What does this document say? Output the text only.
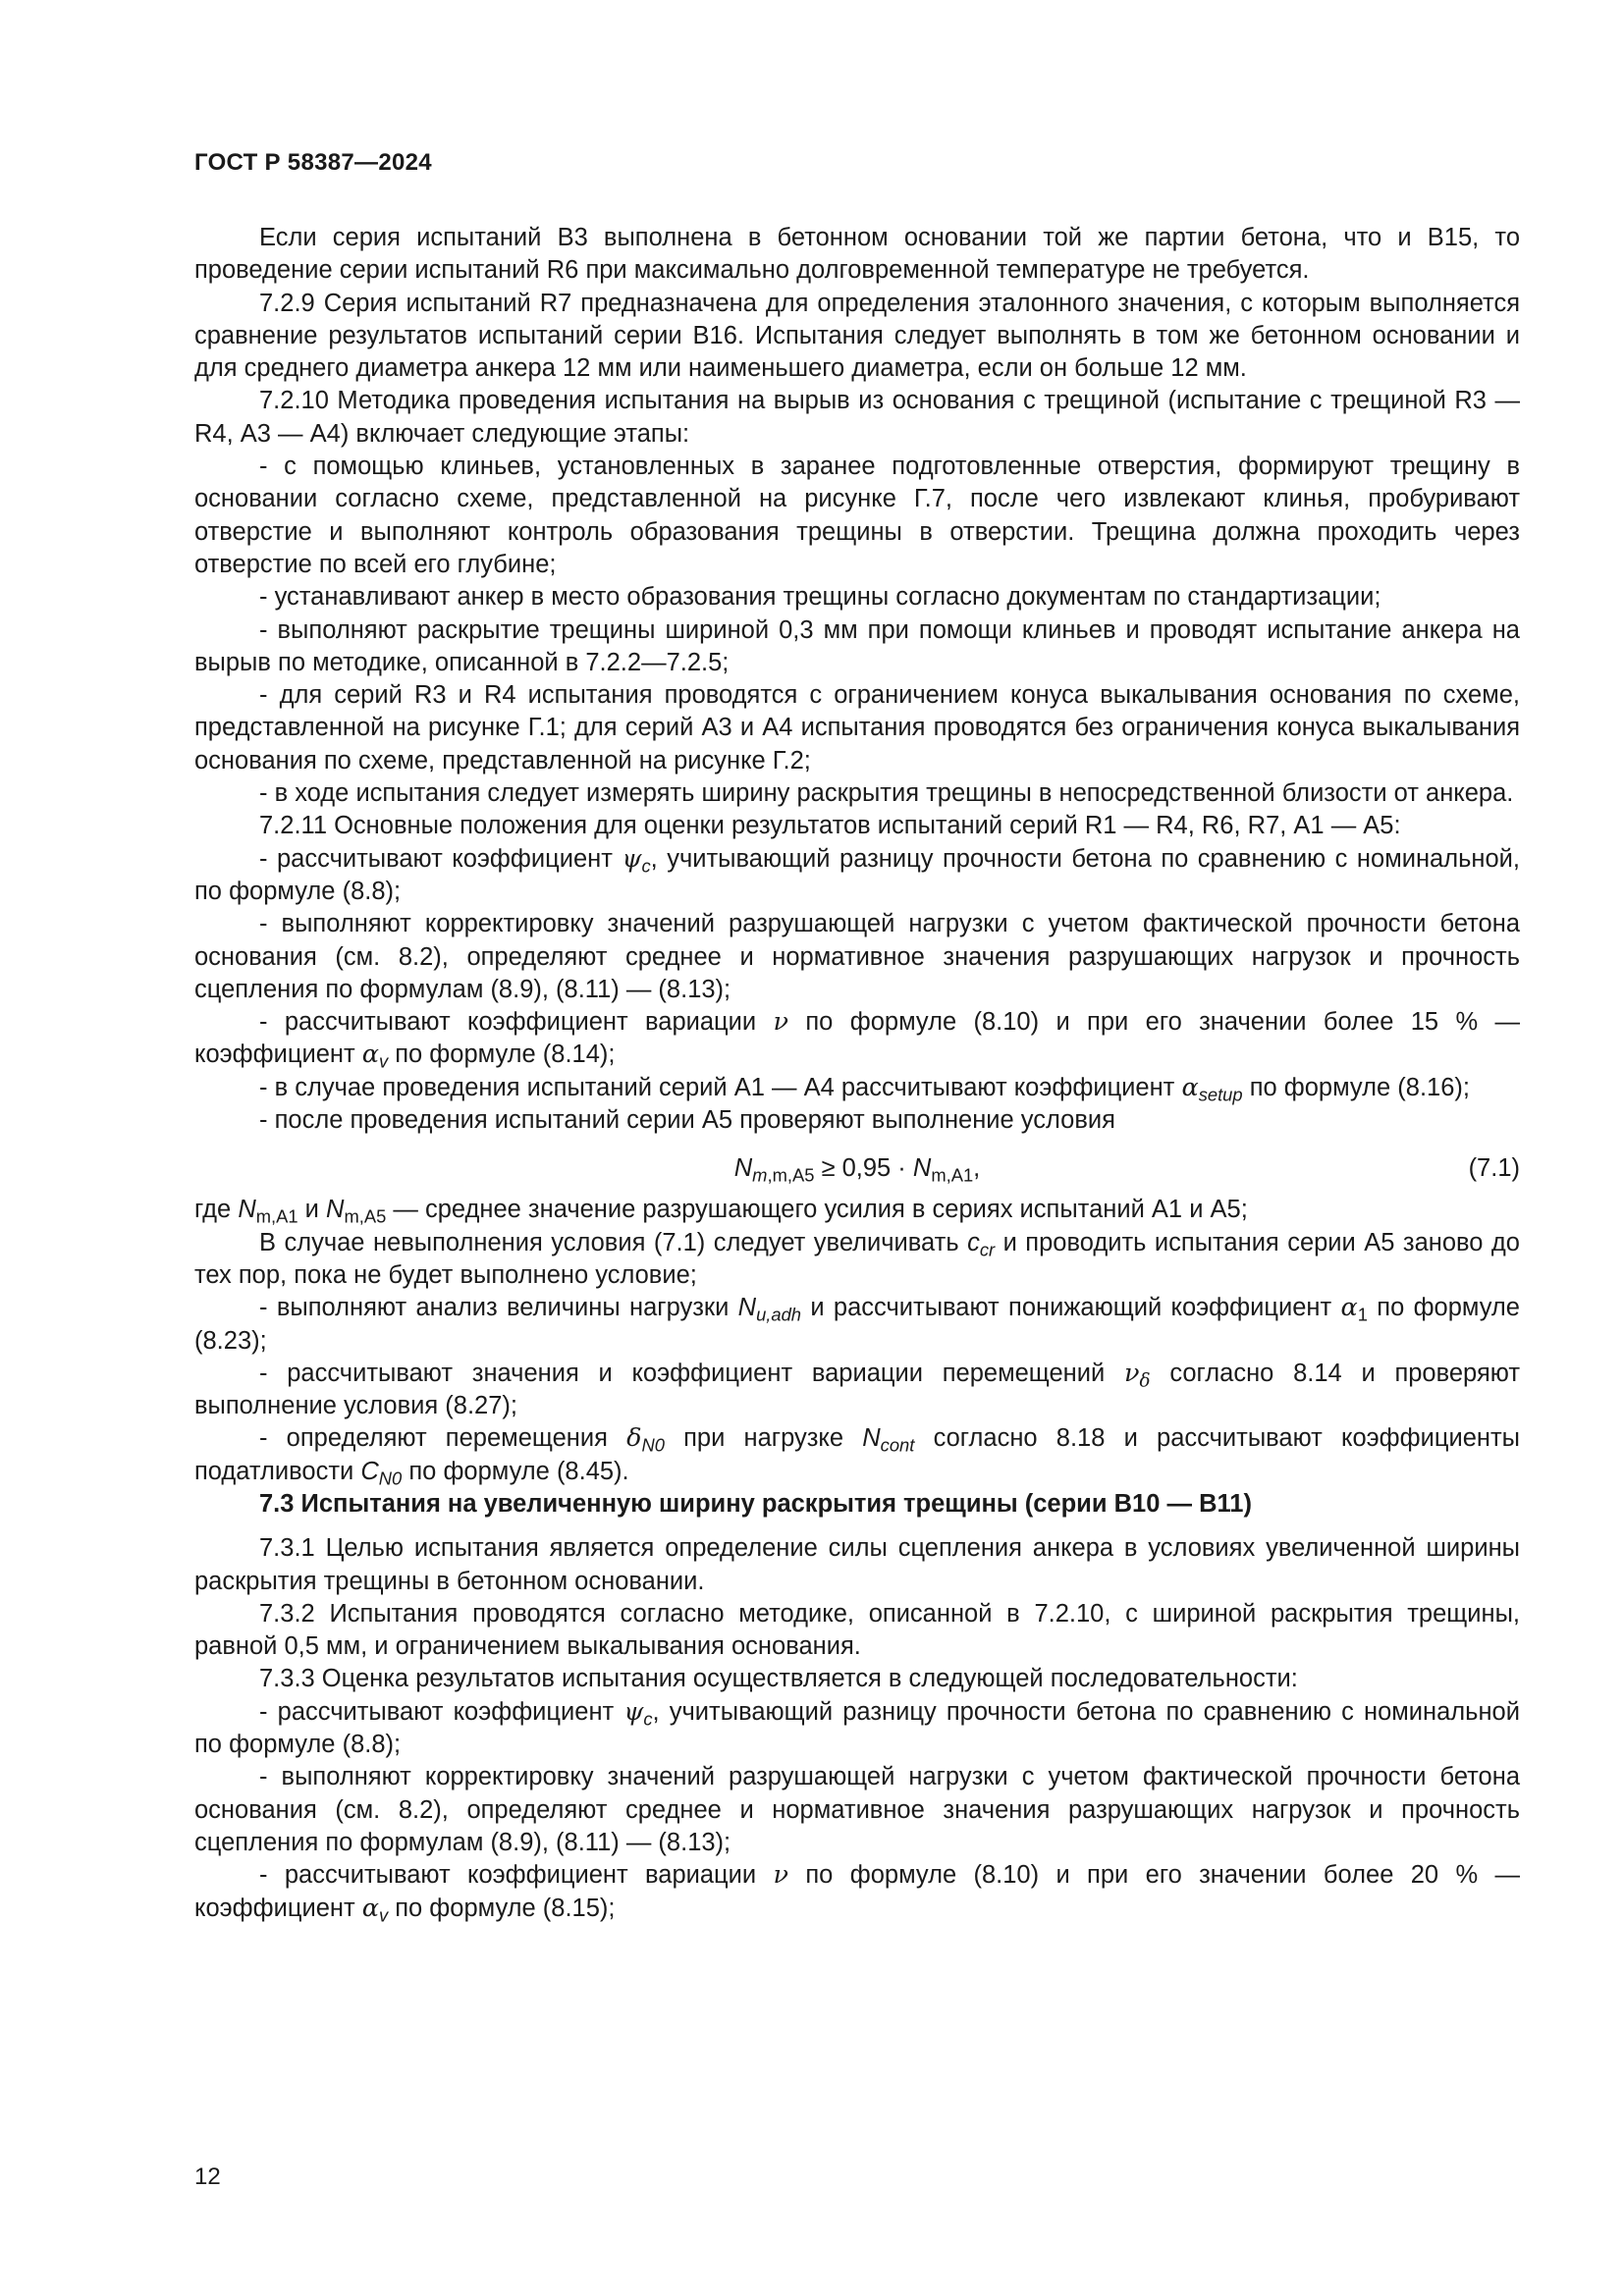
ГОСТ Р 58387—2024

Если серия испытаний В3 выполнена в бетонном основании той же партии бетона, что и В15, то проведение серии испытаний R6 при максимально долговременной температуре не требуется.

7.2.9 Серия испытаний R7 предназначена для определения эталонного значения, с которым выполняется сравнение результатов испытаний серии В16. Испытания следует выполнять в том же бетонном основании и для среднего диаметра анкера 12 мм или наименьшего диаметра, если он больше 12 мм.

7.2.10 Методика проведения испытания на вырыв из основания с трещиной (испытание с трещиной R3 — R4, А3 — А4) включает следующие этапы:

- с помощью клиньев, установленных в заранее подготовленные отверстия, формируют трещину в основании согласно схеме, представленной на рисунке Г.7, после чего извлекают клинья, пробуривают отверстие и выполняют контроль образования трещины в отверстии. Трещина должна проходить через отверстие по всей его глубине;

- устанавливают анкер в место образования трещины согласно документам по стандартизации;

- выполняют раскрытие трещины шириной 0,3 мм при помощи клиньев и проводят испытание анкера на вырыв по методике, описанной в 7.2.2—7.2.5;

- для серий R3 и R4 испытания проводятся с ограничением конуса выкалывания основания по схеме, представленной на рисунке Г.1; для серий А3 и А4 испытания проводятся без ограничения конуса выкалывания основания по схеме, представленной на рисунке Г.2;

- в ходе испытания следует измерять ширину раскрытия трещины в непосредственной близости от анкера.

7.2.11 Основные положения для оценки результатов испытаний серий R1 — R4, R6, R7, А1 — А5:

- рассчитывают коэффициент $\psi_c$, учитывающий разницу прочности бетона по сравнению с номинальной, по формуле (8.8);

- выполняют корректировку значений разрушающей нагрузки с учетом фактической прочности бетона основания (см. 8.2), определяют среднее и нормативное значения разрушающих нагрузок и прочность сцепления по формулам (8.9), (8.11) — (8.13);

- рассчитывают коэффициент вариации ν по формуле (8.10) и при его значении более 15 % — коэффициент $\alpha_v$ по формуле (8.14);

- в случае проведения испытаний серий А1 — А4 рассчитывают коэффициент $\alpha_{setup}$ по формуле (8.16);

- после проведения испытаний серии А5 проверяют выполнение условия

$N_{m,m,A5} \ge 0,95 \cdot N_{m,A1}$,	(7.1)

где $N_{m,A1}$ и $N_{m,A5}$ — среднее значение разрушающего усилия в сериях испытаний А1 и А5;

В случае невыполнения условия (7.1) следует увеличивать $c_{cr}$ и проводить испытания серии А5 заново до тех пор, пока не будет выполнено условие;

- выполняют анализ величины нагрузки $N_{u,adh}$ и рассчитывают понижающий коэффициент $\alpha_1$ по формуле (8.23);

- рассчитывают значения и коэффициент вариации перемещений $\nu_\delta$ согласно 8.14 и проверяют выполнение условия (8.27);

- определяют перемещения $\delta_{N0}$ при нагрузке $N_{cont}$ согласно 8.18 и рассчитывают коэффициенты податливости $C_{N0}$ по формуле (8.45).

7.3 Испытания на увеличенную ширину раскрытия трещины (серии В10 — В11)

7.3.1 Целью испытания является определение силы сцепления анкера в условиях увеличенной ширины раскрытия трещины в бетонном основании.

7.3.2 Испытания проводятся согласно методике, описанной в 7.2.10, с шириной раскрытия трещины, равной 0,5 мм, и ограничением выкалывания основания.

7.3.3 Оценка результатов испытания осуществляется в следующей последовательности:

- рассчитывают коэффициент $\psi_c$, учитывающий разницу прочности бетона по сравнению с номинальной по формуле (8.8);

- выполняют корректировку значений разрушающей нагрузки с учетом фактической прочности бетона основания (см. 8.2), определяют среднее и нормативное значения разрушающих нагрузок и прочность сцепления по формулам (8.9), (8.11) — (8.13);

- рассчитывают коэффициент вариации ν по формуле (8.10) и при его значении более 20 % — коэффициент $\alpha_v$ по формуле (8.15);

12
